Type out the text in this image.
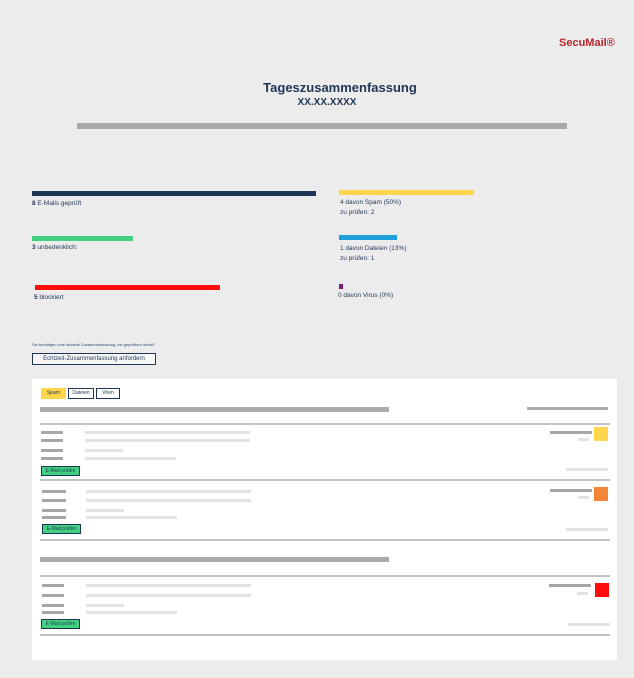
SecuMail®
Tageszusammenfassung
XX.XX.XXXX
8 E-Mails geprüft
3 unbedenklich:
5 blockiert
4 davon Spam (50%)
zu prüfen: 2
1 davon Dateien (13%)
zu prüfen: 1
0 davon Virus (0%)
Sie benötigen eine aktuelle Zusammenfassung, bei geprüftem Inhalt?
Echtzeit-Zusammenfassung anfordern
Spam	Dateien	Viren
E-Mail prüfen
E-Mail prüfen
E-Mail prüfen
